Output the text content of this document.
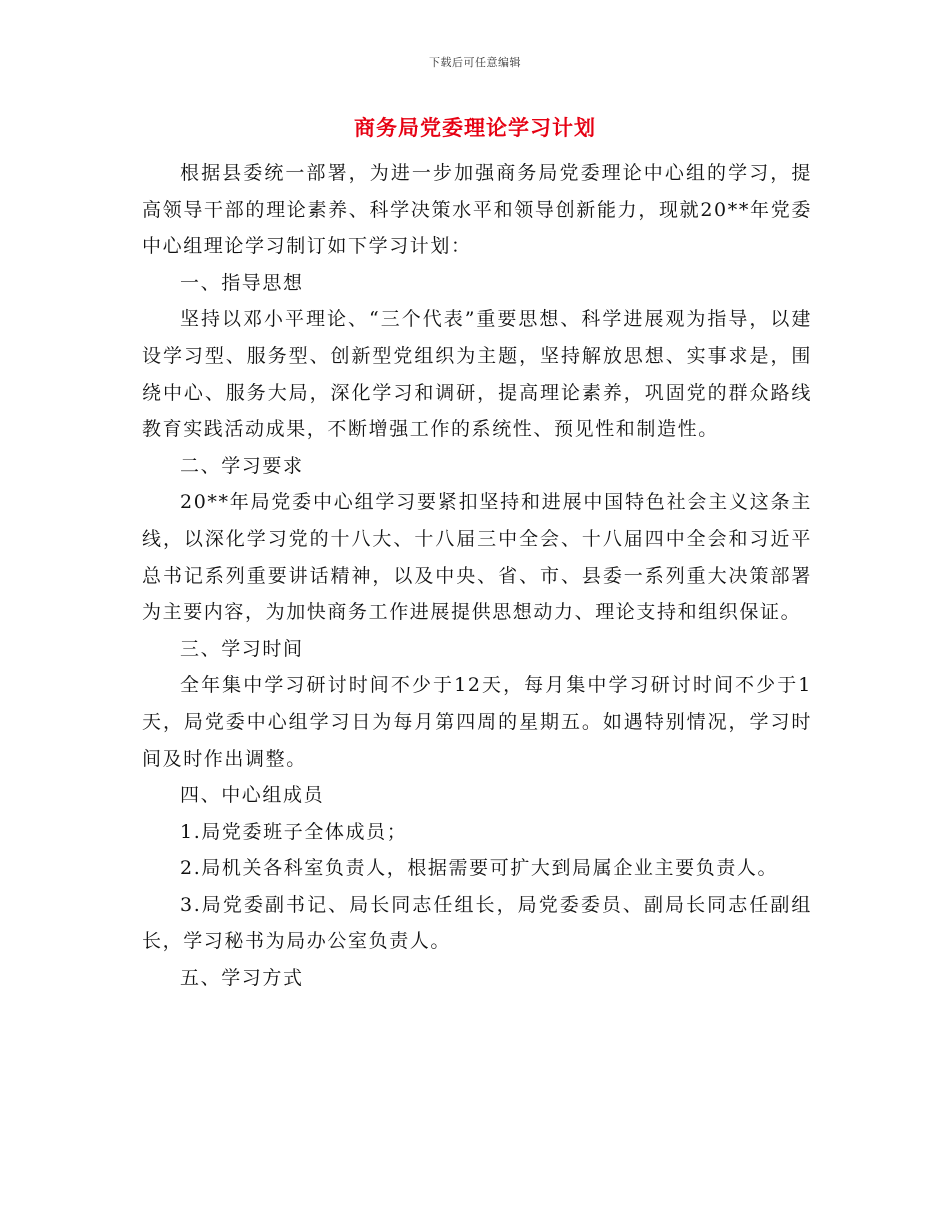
下载后可任意编辑
商务局党委理论学习计划

根据县委统一部署，为进一步加强商务局党委理论中心组的学习，提高领导干部的理论素养、科学决策水平和领导创新能力，现就20**年党委中心组理论学习制订如下学习计划：

一、指导思想

坚持以邓小平理论、“三个代表”重要思想、科学进展观为指导，以建设学习型、服务型、创新型党组织为主题，坚持解放思想、实事求是，围绕中心、服务大局，深化学习和调研，提高理论素养，巩固党的群众路线教育实践活动成果，不断增强工作的系统性、预见性和制造性。

二、学习要求

20**年局党委中心组学习要紧扣坚持和进展中国特色社会主义这条主线，以深化学习党的十八大、十八届三中全会、十八届四中全会和习近平总书记系列重要讲话精神，以及中央、省、市、县委一系列重大决策部署为主要内容，为加快商务工作进展提供思想动力、理论支持和组织保证。

三、学习时间

全年集中学习研讨时间不少于12天，每月集中学习研讨时间不少于1天，局党委中心组学习日为每月第四周的星期五。如遇特别情况，学习时间及时作出调整。

四、中心组成员

1.局党委班子全体成员；

2.局机关各科室负责人，根据需要可扩大到局属企业主要负责人。

3.局党委副书记、局长同志任组长，局党委委员、副局长同志任副组长，学习秘书为局办公室负责人。

五、学习方式
